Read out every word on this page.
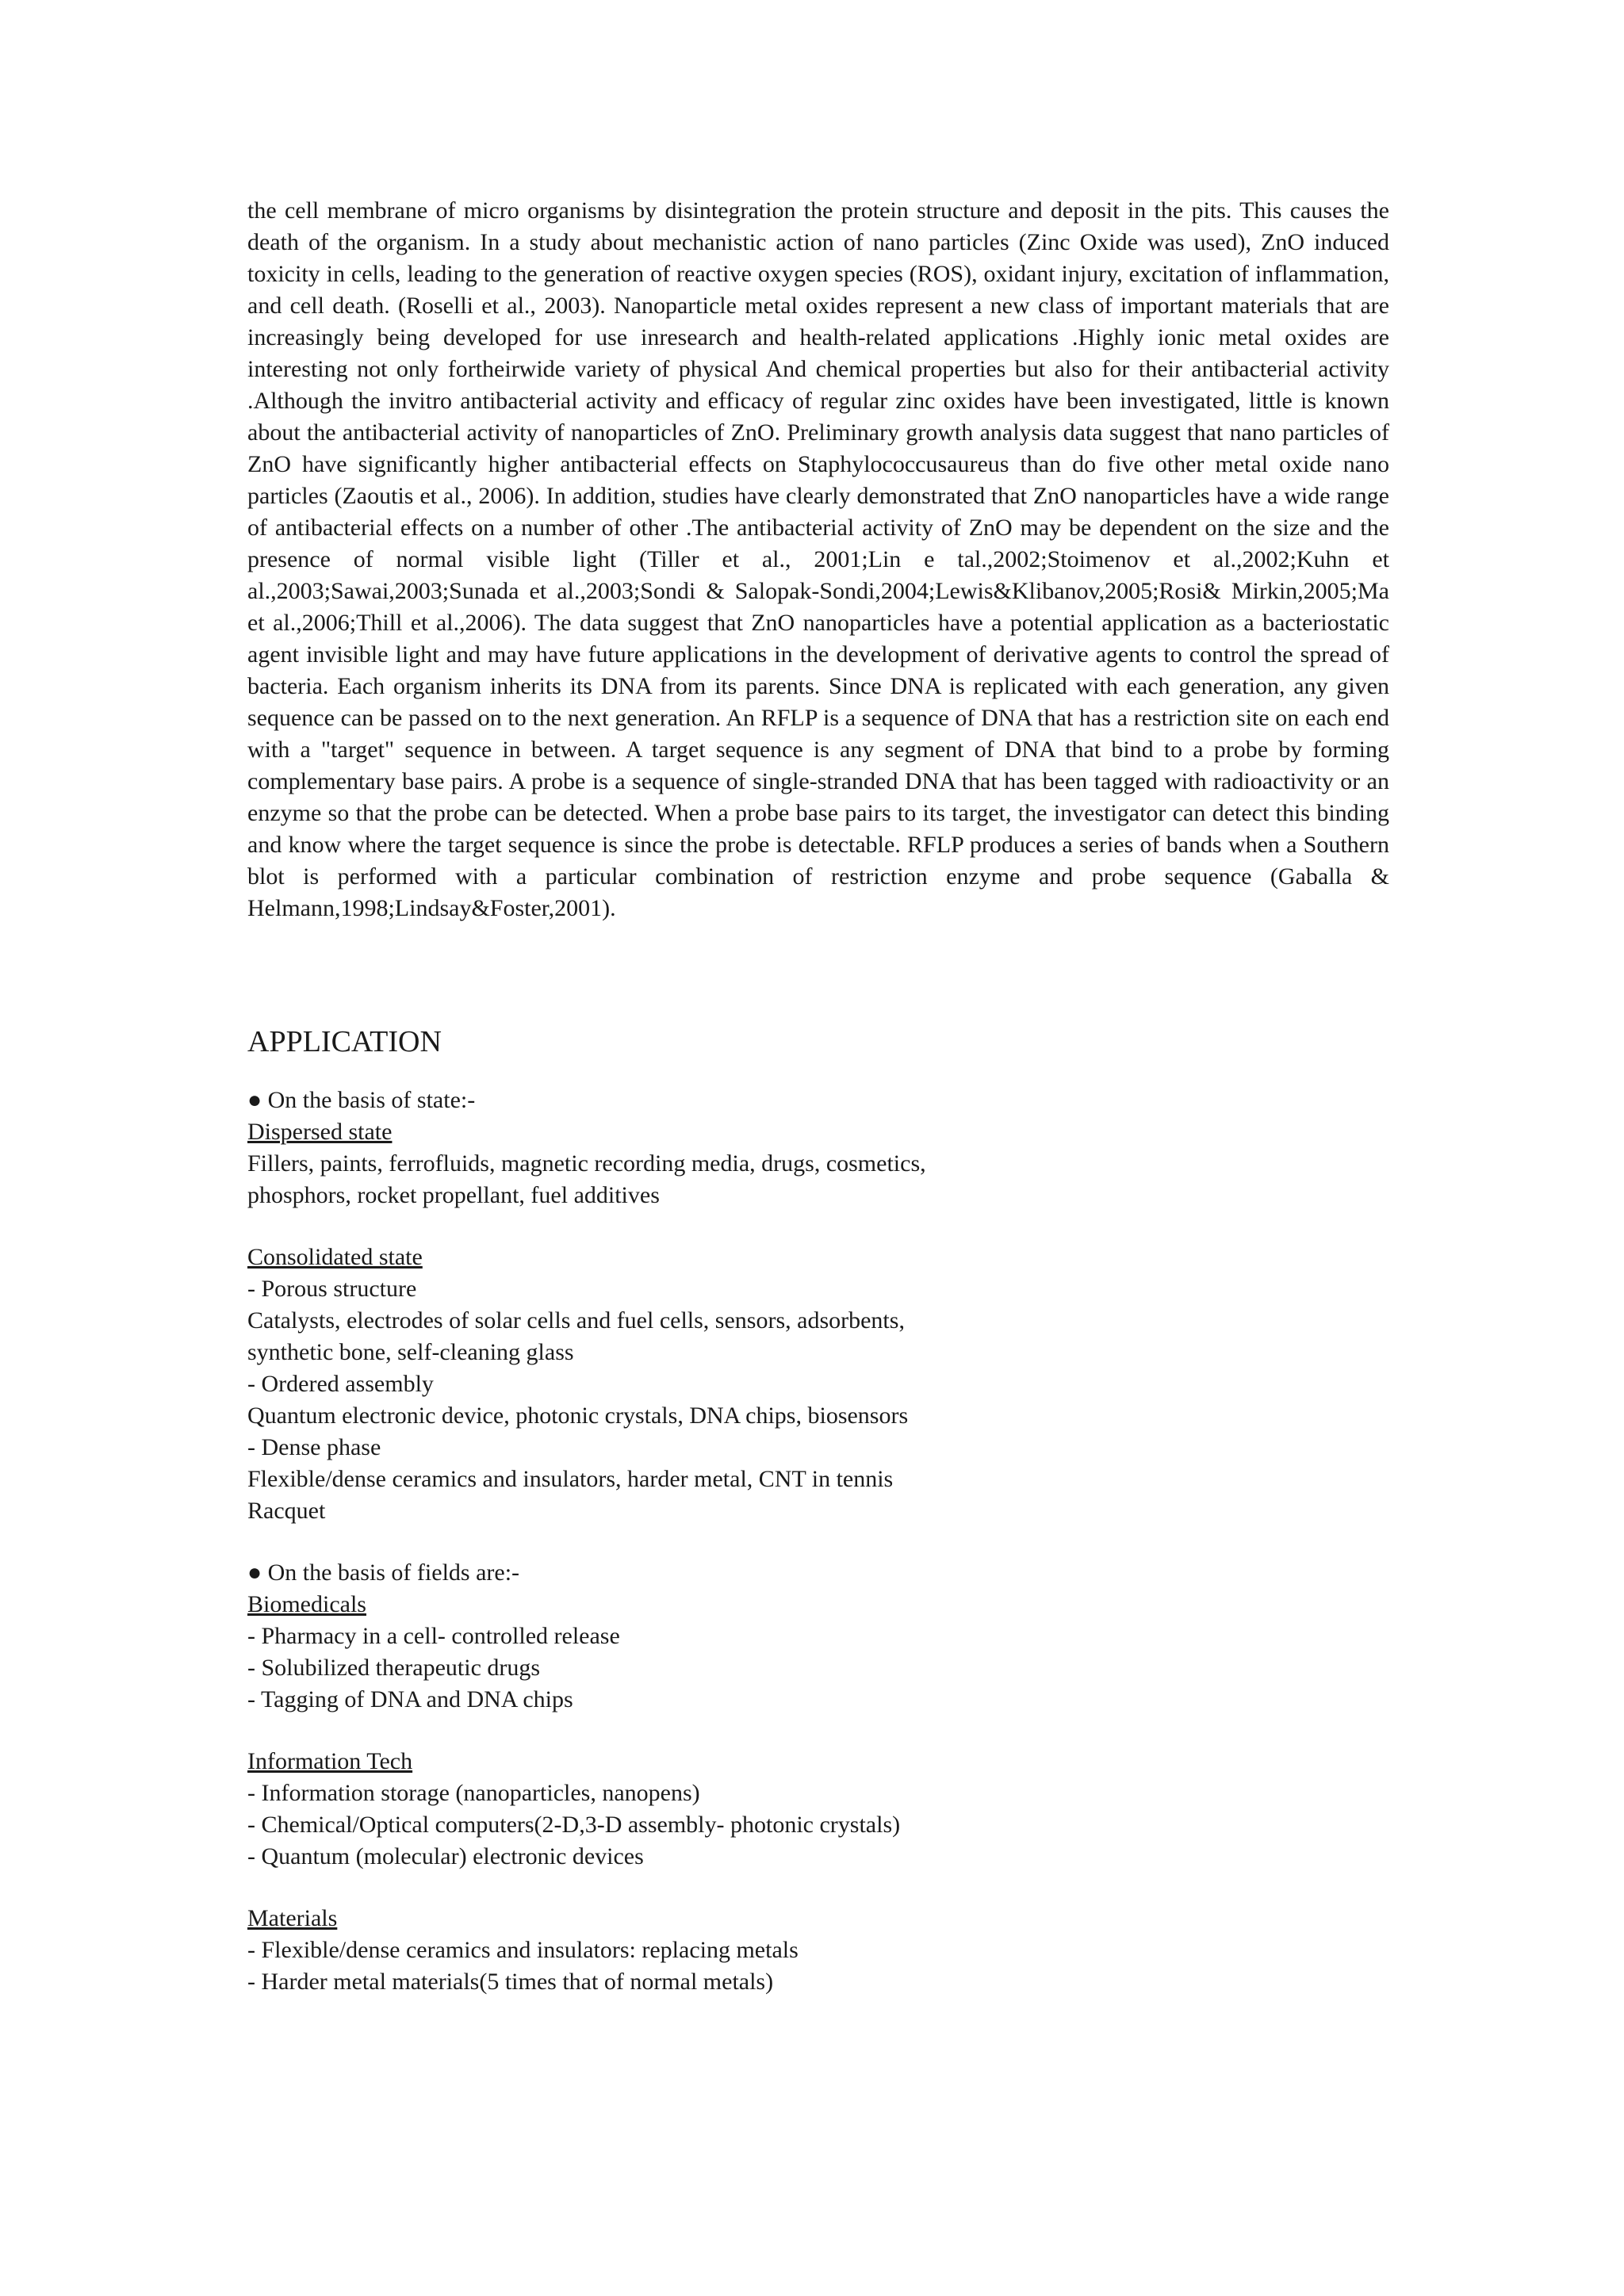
the cell membrane of micro organisms by disintegration the protein structure and deposit in the pits. This causes the death of the organism. In a study about mechanistic action of nano particles (Zinc Oxide was used), ZnO induced toxicity in cells, leading to the generation of reactive oxygen species (ROS), oxidant injury, excitation of inflammation, and cell death. (Roselli et al., 2003). Nanoparticle metal oxides represent a new class of important materials that are increasingly being developed for use inresearch and health-related applications .Highly ionic metal oxides are interesting not only fortheirwide variety of physical And chemical properties but also for their antibacterial activity .Although the invitro antibacterial activity and efficacy of regular zinc oxides have been investigated, little is known about the antibacterial activity of nanoparticles of ZnO. Preliminary growth analysis data suggest that nano particles of ZnO have significantly higher antibacterial effects on Staphylococcusaureus than do five other metal oxide nano particles (Zaoutis et al., 2006). In addition, studies have clearly demonstrated that ZnO nanoparticles have a wide range of antibacterial effects on a number of other .The antibacterial activity of ZnO may be dependent on the size and the presence of normal visible light (Tiller et al., 2001;Lin e tal.,2002;Stoimenov et al.,2002;Kuhn et al.,2003;Sawai,2003;Sunada et al.,2003;Sondi & Salopak-Sondi,2004;Lewis&Klibanov,2005;Rosi& Mirkin,2005;Ma et al.,2006;Thill et al.,2006). The data suggest that ZnO nanoparticles have a potential application as a bacteriostatic agent invisible light and may have future applications in the development of derivative agents to control the spread of bacteria. Each organism inherits its DNA from its parents. Since DNA is replicated with each generation, any given sequence can be passed on to the next generation. An RFLP is a sequence of DNA that has a restriction site on each end with a "target" sequence in between. A target sequence is any segment of DNA that bind to a probe by forming complementary base pairs. A probe is a sequence of single-stranded DNA that has been tagged with radioactivity or an enzyme so that the probe can be detected. When a probe base pairs to its target, the investigator can detect this binding and know where the target sequence is since the probe is detectable. RFLP produces a series of bands when a Southern blot is performed with a particular combination of restriction enzyme and probe sequence (Gaballa & Helmann,1998;Lindsay&Foster,2001).

APPLICATION
● On the basis of state:-
Dispersed state
Fillers, paints, ferrofluids, magnetic recording media, drugs, cosmetics,
phosphors, rocket propellant, fuel additives
Consolidated state
- Porous structure
Catalysts, electrodes of solar cells and fuel cells, sensors, adsorbents,
synthetic bone, self-cleaning glass
- Ordered assembly
Quantum electronic device, photonic crystals, DNA chips, biosensors
- Dense phase
Flexible/dense ceramics and insulators, harder metal, CNT in tennis
Racquet
● On the basis of fields are:-
Biomedicals
- Pharmacy in a cell- controlled release
- Solubilized therapeutic drugs
- Tagging of DNA and DNA chips
Information Tech
- Information storage (nanoparticles, nanopens)
- Chemical/Optical computers(2-D,3-D assembly- photonic crystals)
- Quantum (molecular) electronic devices
Materials
- Flexible/dense ceramics and insulators: replacing metals
- Harder metal materials(5 times that of normal metals)
